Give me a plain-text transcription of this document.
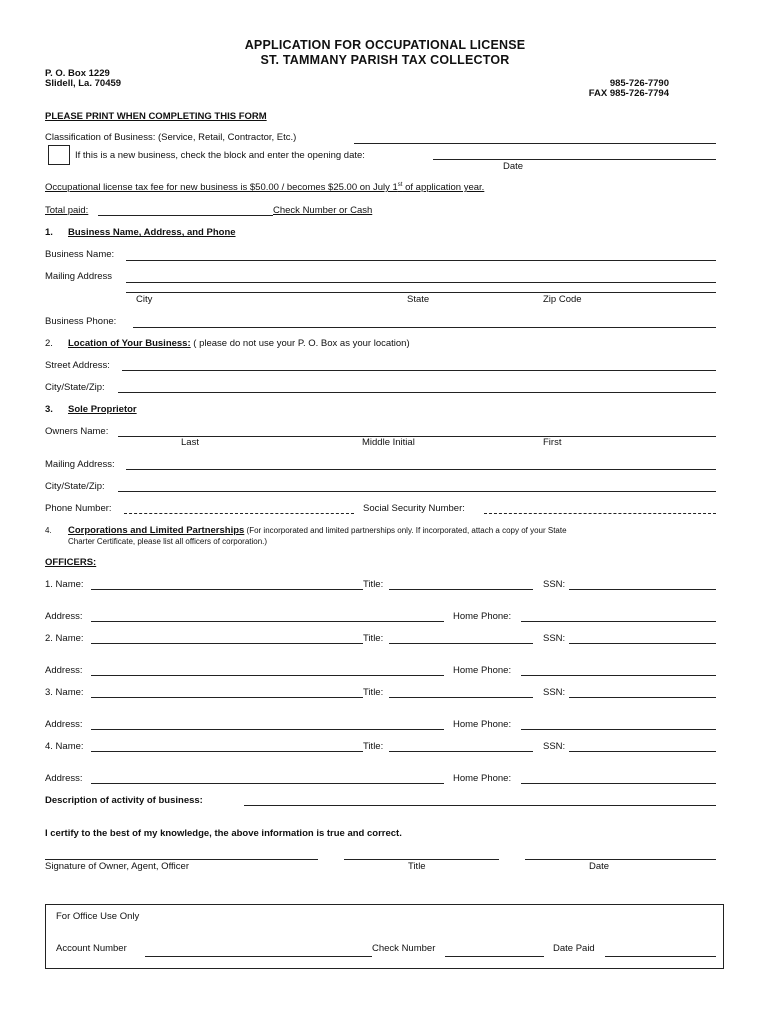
APPLICATION FOR OCCUPATIONAL LICENSE
ST. TAMMANY PARISH TAX COLLECTOR
P. O. Box 1229
Slidell, La. 70459	985-726-7790
FAX 985-726-7794
PLEASE PRINT WHEN COMPLETING THIS FORM
Classification of Business: (Service, Retail, Contractor, Etc.)
If this is a new business, check the block and enter the opening date:
Date
Occupational license tax fee for new business is $50.00 / becomes $25.00 on July 1st of application year.
Total paid:	Check Number or Cash
1. Business Name, Address, and Phone
Business Name:
Mailing Address
City	State	Zip Code
Business Phone:
2. Location of Your Business: ( please do not use your P. O. Box as your location)
Street Address:
City/State/Zip:
3. Sole Proprietor
Owners Name:
Last	Middle Initial	First
Mailing Address:
City/State/Zip:
Phone Number:	Social Security Number:
4. Corporations and Limited Partnerships (For incorporated and limited partnerships only. If incorporated, attach a copy of your State
Charter Certificate, please list all officers of corporation.)
OFFICERS:
1. Name:	Title:	SSN:
Address:	Home Phone:
2. Name:	Title:	SSN:
Address:	Home Phone:
3. Name:	Title:	SSN:
Address:	Home Phone:
4. Name:	Title:	SSN:
Address:	Home Phone:
Description of activity of business:
I certify to the best of my knowledge, the above information is true and correct.
Signature of Owner, Agent, Officer	Title	Date
For Office Use Only
Account Number	Check Number	Date Paid
